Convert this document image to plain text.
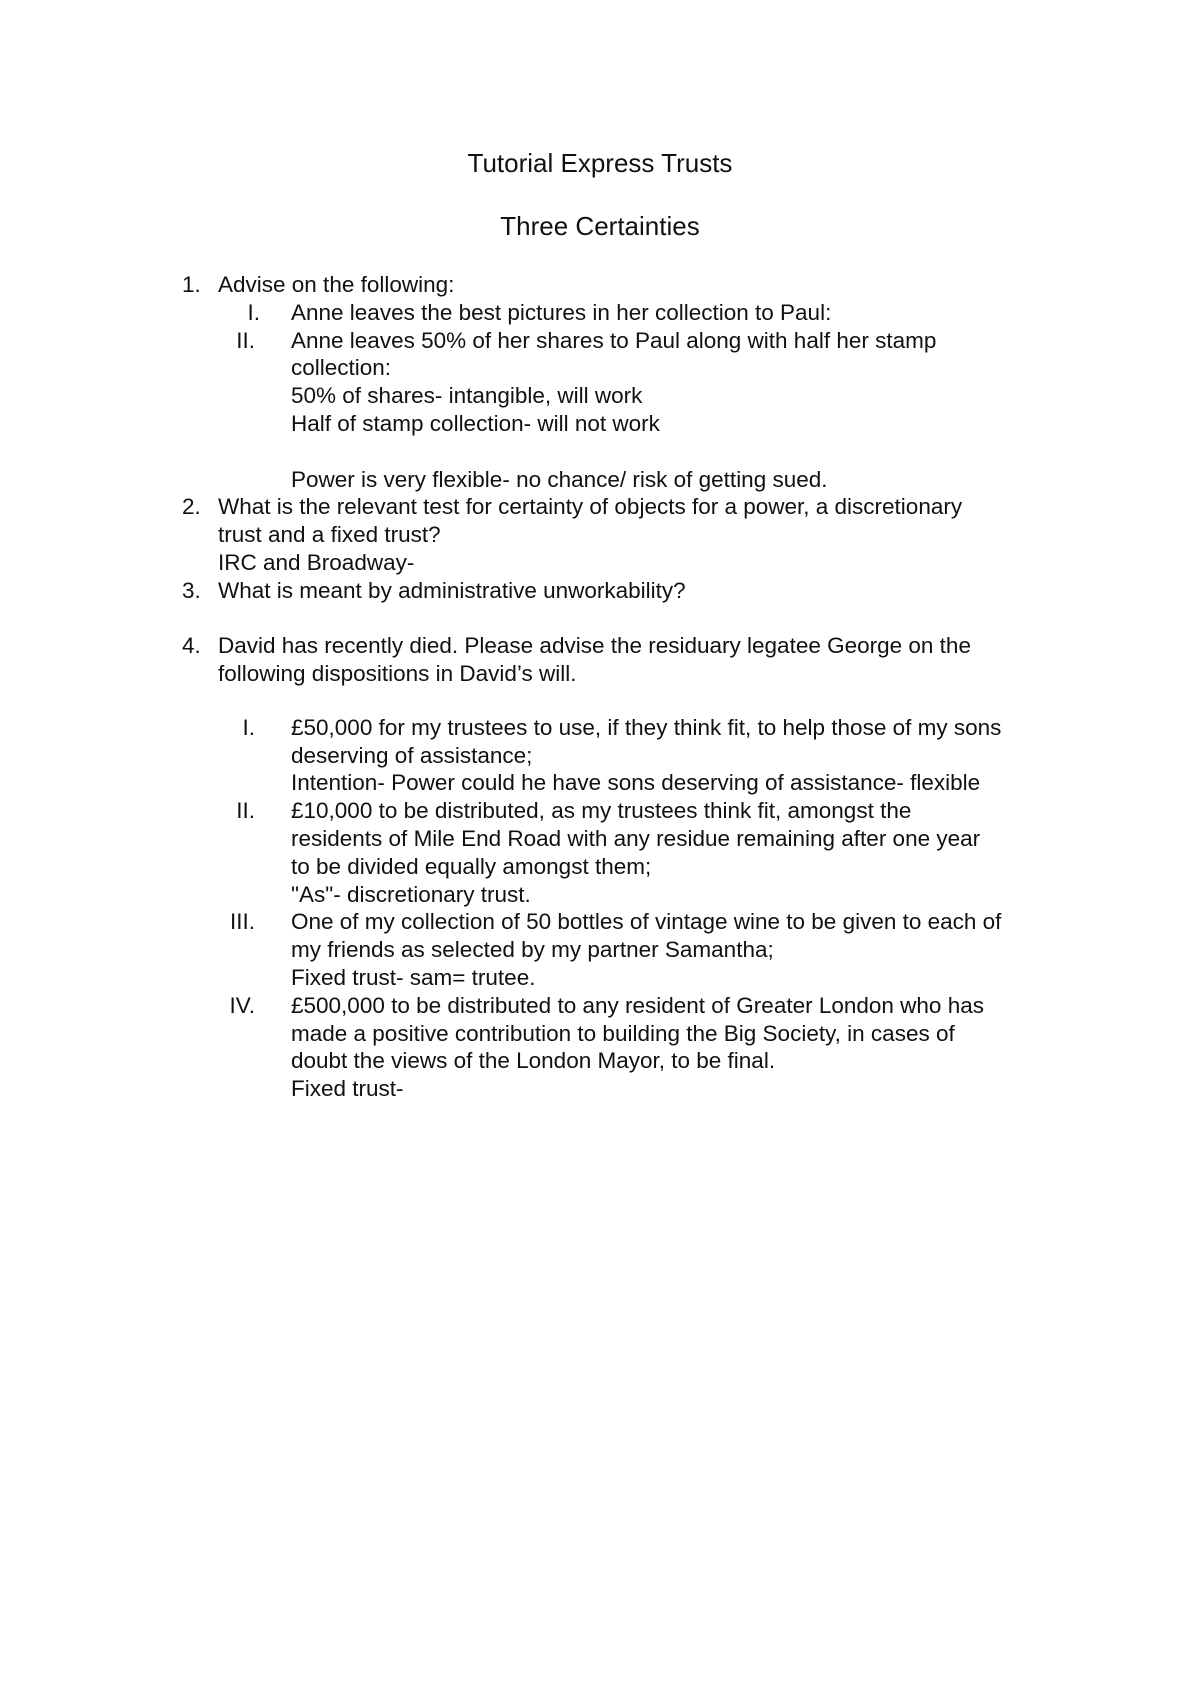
Tutorial Express Trusts
Three Certainties
1. Advise on the following:
I. Anne leaves the best pictures in her collection to Paul:
II. Anne leaves 50% of her shares to Paul along with half her stamp
collection:
50% of shares- intangible, will work
Half of stamp collection- will not work
Power is very flexible- no chance/ risk of getting sued.
2. What is the relevant test for certainty of objects for a power, a discretionary
trust and a fixed trust?
IRC and Broadway-
3. What is meant by administrative unworkability?
4. David has recently died. Please advise the residuary legatee George on the
following dispositions in David’s will.
I. £50,000 for my trustees to use, if they think fit, to help those of my sons
deserving of assistance;
Intention- Power could he have sons deserving of assistance- flexible
II. £10,000 to be distributed, as my trustees think fit, amongst the
residents of Mile End Road with any residue remaining after one year
to be divided equally amongst them;
"As"- discretionary trust.
III. One of my collection of 50 bottles of vintage wine to be given to each of
my friends as selected by my partner Samantha;
Fixed trust- sam= trutee.
IV. £500,000 to be distributed to any resident of Greater London who has
made a positive contribution to building the Big Society, in cases of
doubt the views of the London Mayor, to be final.
Fixed trust-
